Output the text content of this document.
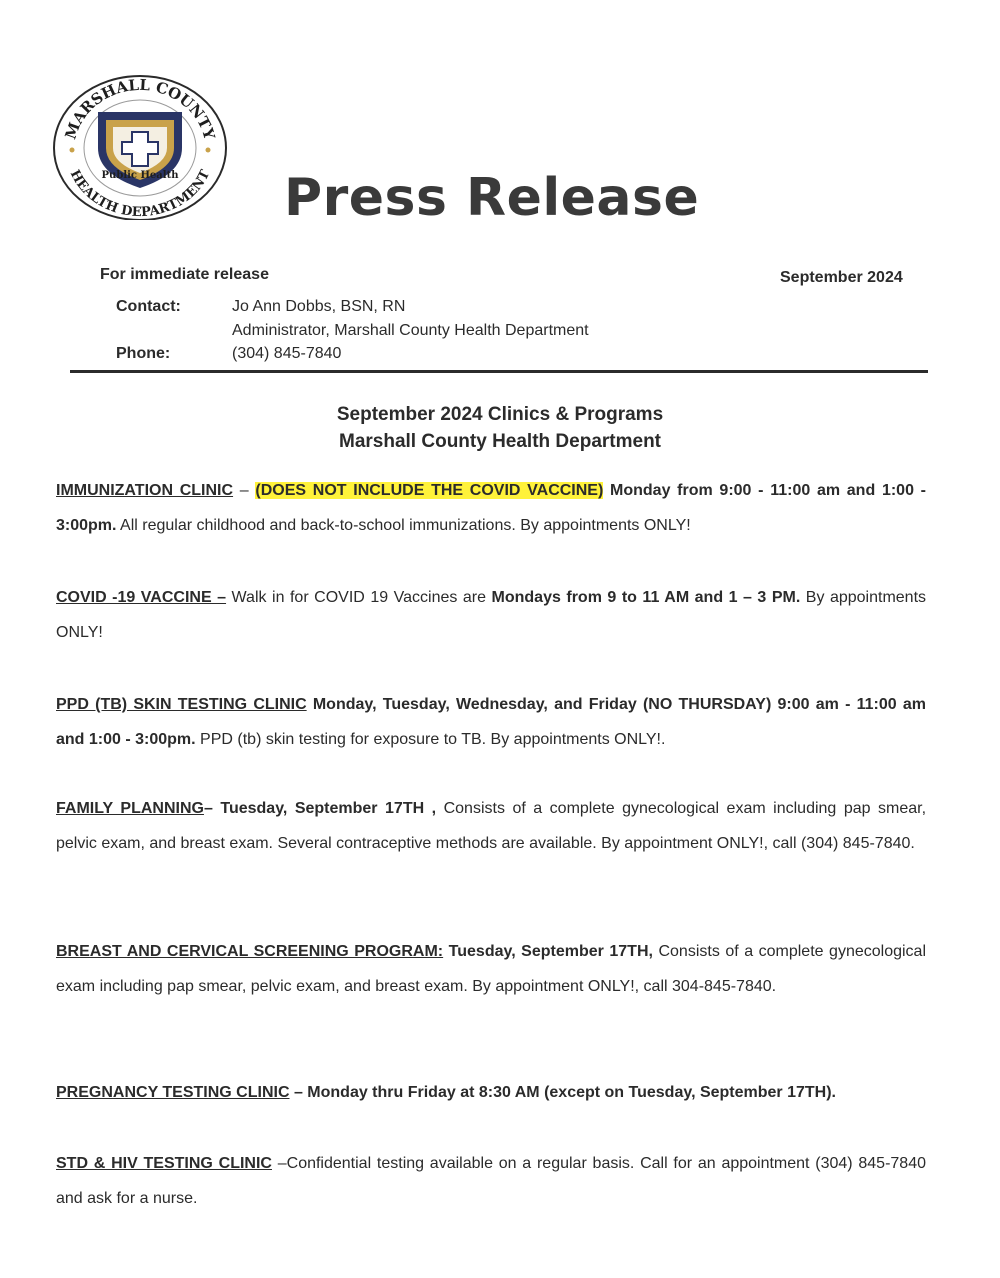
MARSHALL COUNTY
HEALTH DEPARTMENT
Public Health Press Release
For immediate release	September 2024
Contact:	Jo Ann Dobbs, BSN, RN
Administrator, Marshall County Health Department
Phone:	(304) 845-7840
September 2024 Clinics & Programs
Marshall County Health Department
IMMUNIZATION CLINIC – (DOES NOT INCLUDE THE COVID VACCINE) Monday from 9:00 - 11:00 am and 1:00 - 3:00pm. All regular childhood and back-to-school immunizations. By appointments ONLY!
COVID -19 VACCINE – Walk in for COVID 19 Vaccines are Mondays from 9 to 11 AM and 1 – 3 PM. By appointments ONLY!
PPD (TB) SKIN TESTING CLINIC Monday, Tuesday, Wednesday, and Friday (NO THURSDAY) 9:00 am - 11:00 am and 1:00 - 3:00pm. PPD (tb) skin testing for exposure to TB. By appointments ONLY!.
FAMILY PLANNING– Tuesday, September 17TH , Consists of a complete gynecological exam including pap smear, pelvic exam, and breast exam. Several contraceptive methods are available. By appointment ONLY!, call (304) 845-7840.
BREAST AND CERVICAL SCREENING PROGRAM: Tuesday, September 17TH, Consists of a complete gynecological exam including pap smear, pelvic exam, and breast exam. By appointment ONLY!, call 304-845-7840.
PREGNANCY TESTING CLINIC – Monday thru Friday at 8:30 AM (except on Tuesday, September 17TH).
STD & HIV TESTING CLINIC –Confidential testing available on a regular basis. Call for an appointment (304) 845-7840 and ask for a nurse.
